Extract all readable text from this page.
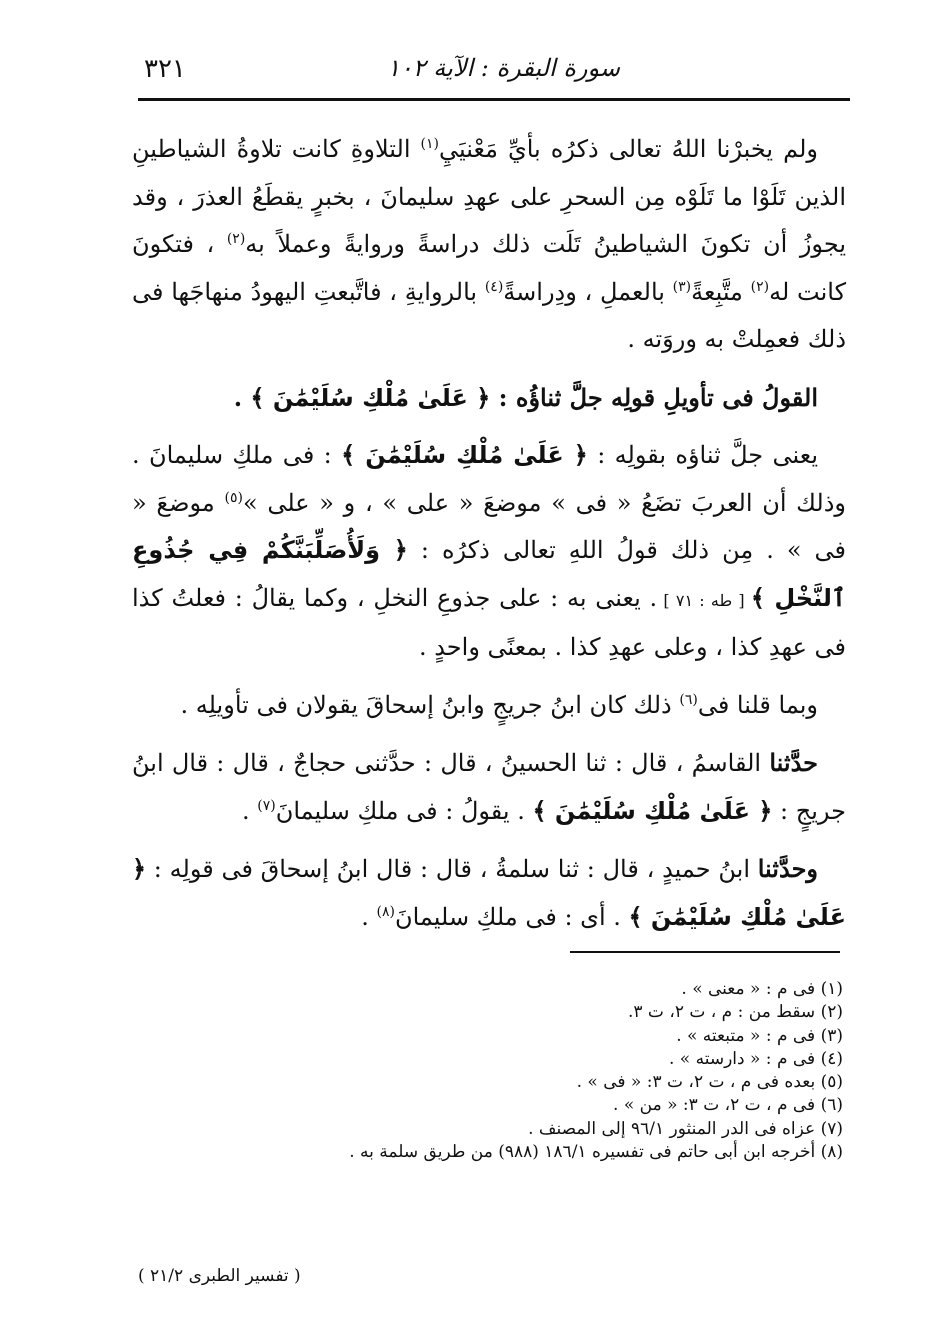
سورة البقرة : الآية ١٠٢
٣٢١

ولم يخبرْنا اللهُ تعالى ذكرُه بأيِّ مَعْنيَيِ$^{(١)}$ التلاوةِ كانت تلاوةُ الشياطينِ الذين تَلَوْا ما تَلَوْه مِن السحرِ على عهدِ سليمانَ ، بخبرٍ يقطَعُ العذرَ ، وقد يجوزُ أن تكونَ الشياطينُ تَلَت ذلك دراسةً وروايةً وعملاً به$^{(٢)}$ ، فتكونَ كانت له$^{(٢)}$ متَّبِعةً$^{(٣)}$ بالعملِ ، ودِراسةً$^{(٤)}$ بالروايةِ ، فاتَّبعتِ اليهودُ منهاجَها فى ذلك فعمِلتْ به وروَته .

القولُ فى تأويلِ قولِه جلَّ ثناؤُه : ﴿ عَلَىٰ مُلْكِ سُلَيْمَٰنَ ﴾ .

يعنى جلَّ ثناؤه بقولِه : ﴿ عَلَىٰ مُلْكِ سُلَيْمَٰنَ ﴾ : فى ملكِ سليمانَ . وذلك أن العربَ تضَعُ « فى » موضعَ « على » ، و « على »$^{(٥)}$ موضعَ « فى » . مِن ذلك قولُ اللهِ تعالى ذكرُه : ﴿ وَلَأُصَلِّبَنَّكُمْ فِي جُذُوعِ ٱلنَّخْلِ ﴾ [ طه : ٧١ ] . يعنى به : على جذوعِ النخلِ ، وكما يقالُ : فعلتُ كذا فى عهدِ كذا ، وعلى عهدِ كذا . بمعنًى واحدٍ .

وبما قلنا فى$^{(٦)}$ ذلك كان ابنُ جريجٍ وابنُ إسحاقَ يقولان فى تأويلِه .

حدَّثنا القاسمُ ، قال : ثنا الحسينُ ، قال : حدَّثنى حجاجٌ ، قال : قال ابنُ جريجٍ : ﴿ عَلَىٰ مُلْكِ سُلَيْمَٰنَ ﴾ . يقولُ : فى ملكِ سليمانَ$^{(٧)}$ .

وحدَّثنا ابنُ حميدٍ ، قال : ثنا سلمةُ ، قال : قال ابنُ إسحاقَ فى قولِه : ﴿ عَلَىٰ مُلْكِ سُلَيْمَٰنَ ﴾ . أى : فى ملكِ سليمانَ$^{(٨)}$ .

(١) فى م : « معنى » .
(٢) سقط من : م ، ت ٢، ت ٣.
(٣) فى م : « متبعته » .
(٤) فى م : « دارسته » .
(٥) بعده فى م ، ت ٢، ت ٣: « فى » .
(٦) فى م ، ت ٢، ت ٣: « من » .
(٧) عزاه فى الدر المنثور ٩٦/١ إلى المصنف .
(٨) أخرجه ابن أبى حاتم فى تفسيره ١٨٦/١ (٩٨٨) من طريق سلمة به .
( تفسير الطبرى ٢١/٢ )
